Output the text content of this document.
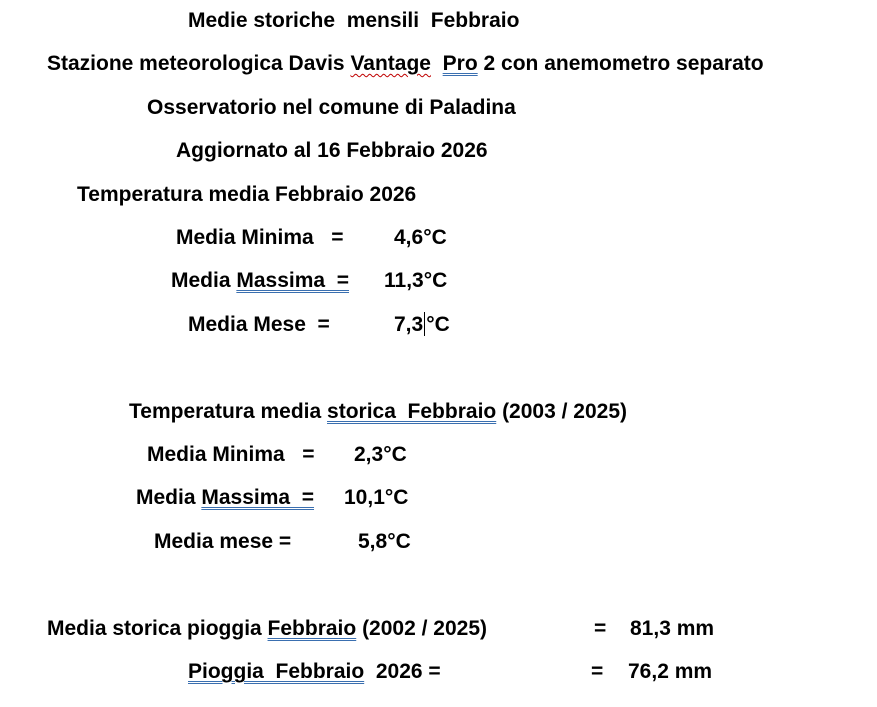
Medie storiche  mensili  Febbraio
Stazione meteorologica Davis Vantage Pro 2 con anemometro separato
Osservatorio nel comune di Paladina
Aggiornato al 16 Febbraio 2026
Temperatura media Febbraio 2026
Media Minima   = 4,6°C
Media Massima  = 11,3°C
Media Mese  =	7,3 °C
Temperatura media storica  Febbraio (2003 / 2025)
Media Minima   = 2,3°C
Media Massima  = 10,1°C
Media mese =	5,8°C
Media storica pioggia Febbraio (2002 / 2025)	= 81,3 mm
Pioggia  Febbraio  2026 =	= 76,2 mm
